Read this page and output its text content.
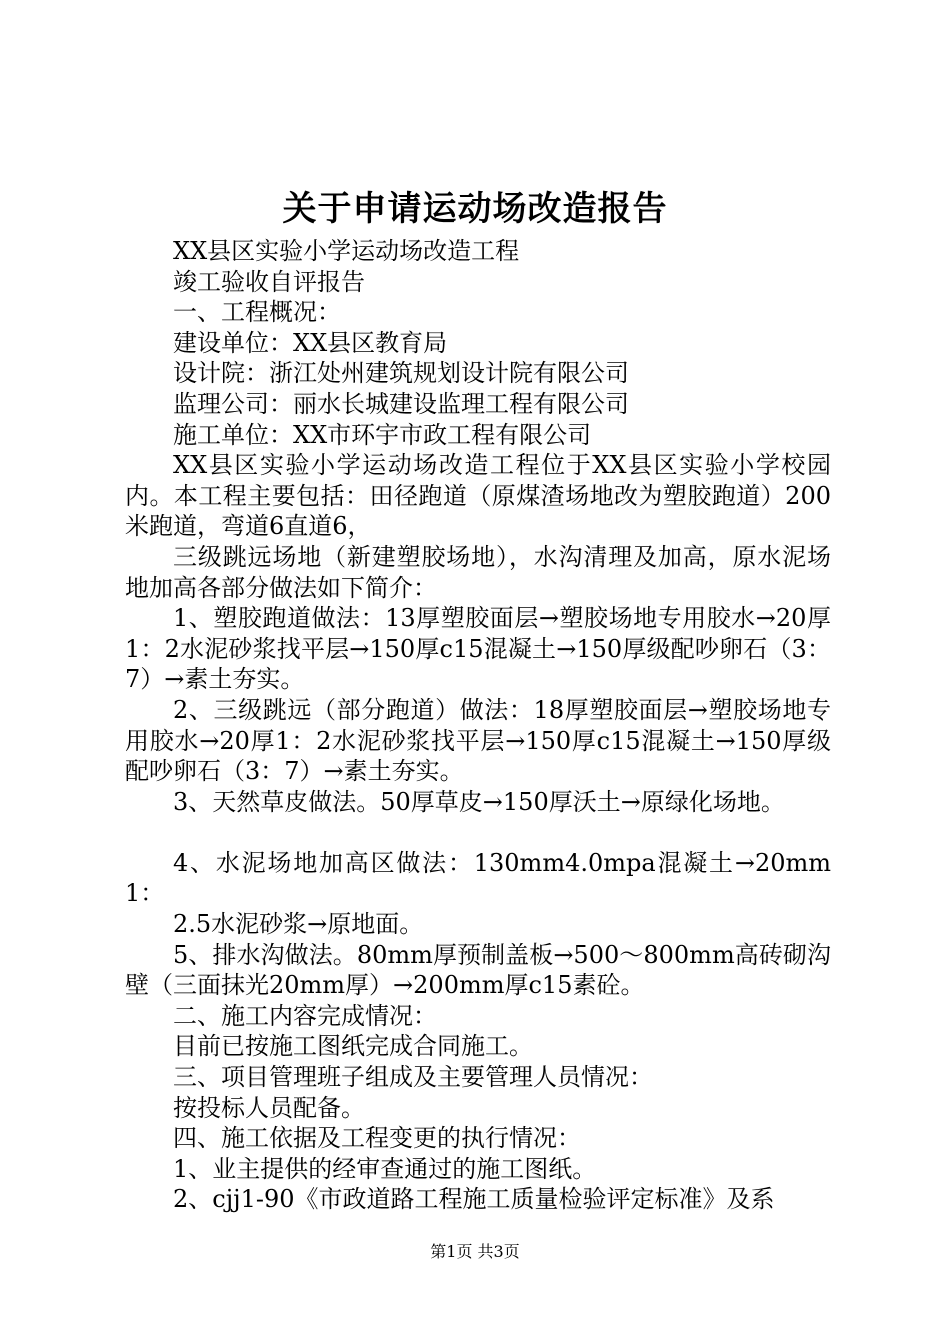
关于申请运动场改造报告

XX县区实验小学运动场改造工程

竣工验收自评报告

一、工程概况：

建设单位：XX县区教育局

设计院：浙江处州建筑规划设计院有限公司

监理公司：丽水长城建设监理工程有限公司

施工单位：XX市环宇市政工程有限公司

XX县区实验小学运动场改造工程位于XX县区实验小学校园内。本工程主要包括：田径跑道（原煤渣场地改为塑胶跑道）200米跑道，弯道6直道6，

三级跳远场地（新建塑胶场地），水沟清理及加高，原水泥场地加高各部分做法如下简介：

1、塑胶跑道做法：13厚塑胶面层→塑胶场地专用胶水→20厚1：2水泥砂浆找平层→150厚c15混凝土→150厚级配吵卵石（3：7）→素土夯实。

2、三级跳远（部分跑道）做法：18厚塑胶面层→塑胶场地专用胶水→20厚1：2水泥砂浆找平层→150厚c15混凝土→150厚级配吵卵石（3：7）→素土夯实。

3、天然草皮做法。50厚草皮→150厚沃土→原绿化场地。

4、水泥场地加高区做法：130mm4.0mpa混凝土→20mm1：

2.5水泥砂浆→原地面。

5、排水沟做法。80mm厚预制盖板→500～800mm高砖砌沟壁（三面抹光20mm厚）→200mm厚c15素砼。

二、施工内容完成情况：

目前已按施工图纸完成合同施工。

三、项目管理班子组成及主要管理人员情况：

按投标人员配备。

四、施工依据及工程变更的执行情况：

1、业主提供的经审查通过的施工图纸。

2、cjj1-90《市政道路工程施工质量检验评定标准》及系

第1页 共3页
